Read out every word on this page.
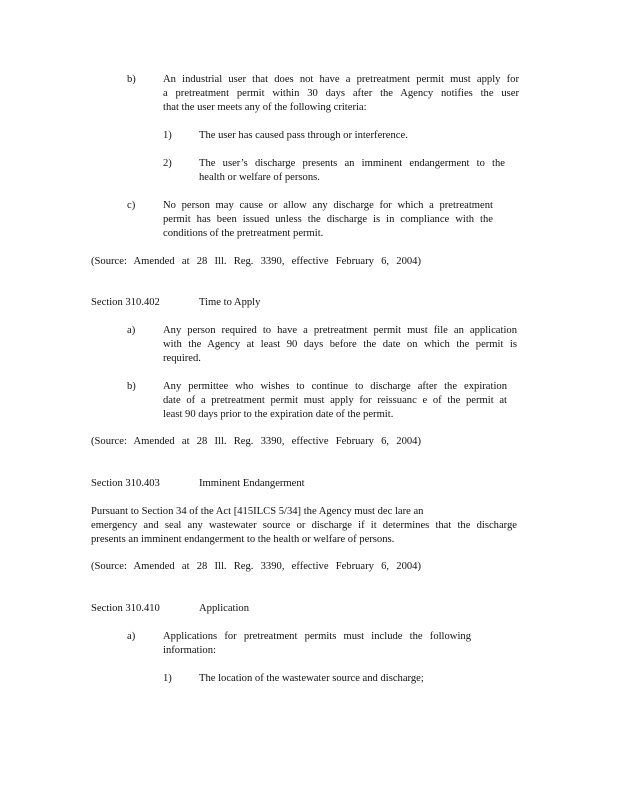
b)	An industrial user that does not have a pretreatment permit must apply for
a pretreatment permit within 30 days after the Agency notifies the user
that the user meets any of the following criteria:
1)	The user has caused pass through or interference.
2)	The user’s discharge presents an imminent endangerment to the
health or welfare of persons.
c)	No person may cause or allow any discharge for which a pretreatment
permit has been issued unless the discharge is in compliance with the
conditions of the pretreatment permit.
(Source: Amended at 28 Ill. Reg. 3390, effective February 6, 2004)
Section 310.402	Time to Apply
a)	Any person required to have a pretreatment permit must file an application
with the Agency at least 90 days before the date on which the permit is
required.
b)	Any permittee who wishes to continue to discharge after the expiration
date of a pretreatment permit must apply for reissuanc e of the permit at
least 90 days prior to the expiration date of the permit.
(Source: Amended at 28 Ill. Reg. 3390, effective February 6, 2004)
Section 310.403	Imminent Endangerment
Pursuant to Section 34 of the Act [415ILCS 5/34] the Agency must dec lare an
emergency and seal any wastewater source or discharge if it determines that the discharge
presents an imminent endangerment to the health or welfare of persons.
(Source: Amended at 28 Ill. Reg. 3390, effective February 6, 2004)
Section 310.410	Application
a)	Applications for pretreatment permits must include the following
information:
1)	The location of the wastewater source and discharge;
